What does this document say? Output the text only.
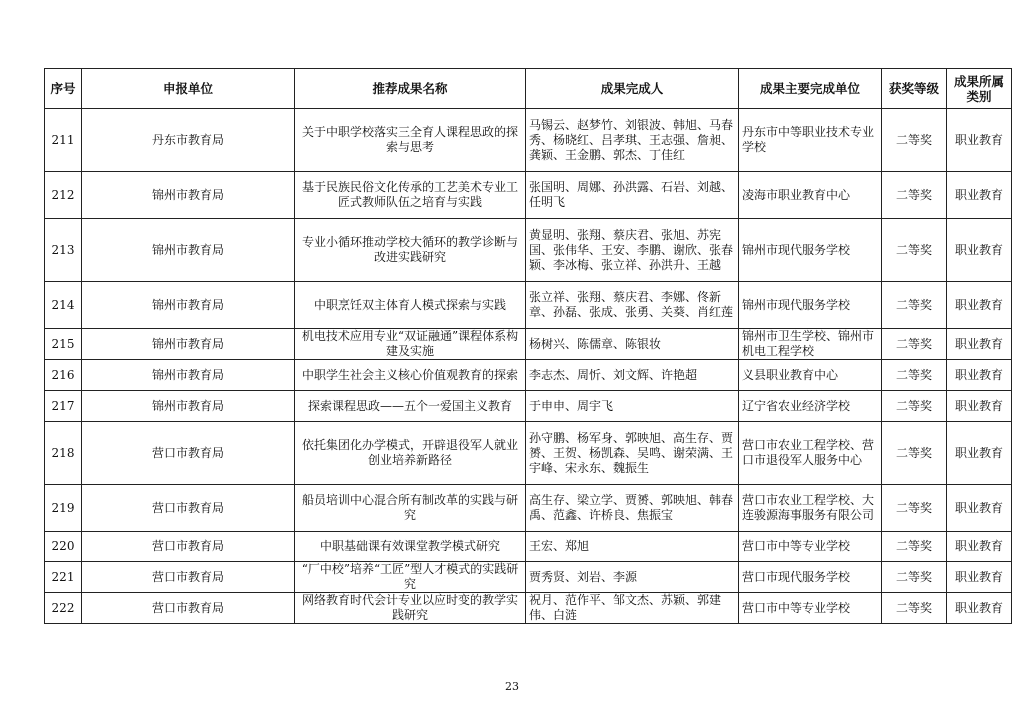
序号	申报单位	推荐成果名称	成果完成人	成果主要完成单位	获奖等级	成果所属类别
211	丹东市教育局	关于中职学校落实三全育人课程思政的探索与思考	马锡云、赵梦竹、刘银波、韩旭、马春秀、杨晓红、吕孝琪、王志强、詹昶、龚颖、王金鹏、郭杰、丁佳红	丹东市中等职业技术专业学校	二等奖	职业教育
212	锦州市教育局	基于民族民俗文化传承的工艺美术专业工匠式教师队伍之培育与实践	张国明、周娜、孙洪露、石岩、刘越、任明飞	凌海市职业教育中心	二等奖	职业教育
213	锦州市教育局	专业小循环推动学校大循环的教学诊断与改进实践研究	黄显明、张翔、蔡庆君、张旭、苏宪国、张伟华、王安、李鹏、谢欣、张春颖、李冰梅、张立祥、孙洪升、王越	锦州市现代服务学校	二等奖	职业教育
214	锦州市教育局	中职烹饪双主体育人模式探索与实践	张立祥、张翔、蔡庆君、李娜、佟新章、孙磊、张成、张勇、关葵、肖红莲	锦州市现代服务学校	二等奖	职业教育
215	锦州市教育局	机电技术应用专业“双证融通”课程体系构建及实施	杨树兴、陈儒章、陈银妆	锦州市卫生学校、锦州市机电工程学校	二等奖	职业教育
216	锦州市教育局	中职学生社会主义核心价值观教育的探索	李志杰、周忻、刘文辉、许艳超	义县职业教育中心	二等奖	职业教育
217	锦州市教育局	探索课程思政——五个一爱国主义教育	于申申、周宇飞	辽宁省农业经济学校	二等奖	职业教育
218	营口市教育局	依托集团化办学模式，开辟退役军人就业创业培养新路径	孙守鹏、杨军身、郭映旭、高生存、贾赟、王贺、杨凯森、吴鸣、谢荣满、王宇峰、宋永东、魏振生	营口市农业工程学校、营口市退役军人服务中心	二等奖	职业教育
219	营口市教育局	船员培训中心混合所有制改革的实践与研究	高生存、梁立学、贾赟、郭映旭、韩春禹、范鑫、许桥良、焦振宝	营口市农业工程学校、大连骏源海事服务有限公司	二等奖	职业教育
220	营口市教育局	中职基础课有效课堂教学模式研究	王宏、郑旭	营口市中等专业学校	二等奖	职业教育
221	营口市教育局	“厂中校”培养“工匠”型人才模式的实践研究	贾秀贤、刘岩、李源	营口市现代服务学校	二等奖	职业教育
222	营口市教育局	网络教育时代会计专业以应时变的教学实践研究	祝月、范作平、邹文杰、苏颖、郭建伟、白涟	营口市中等专业学校	二等奖	职业教育
23
